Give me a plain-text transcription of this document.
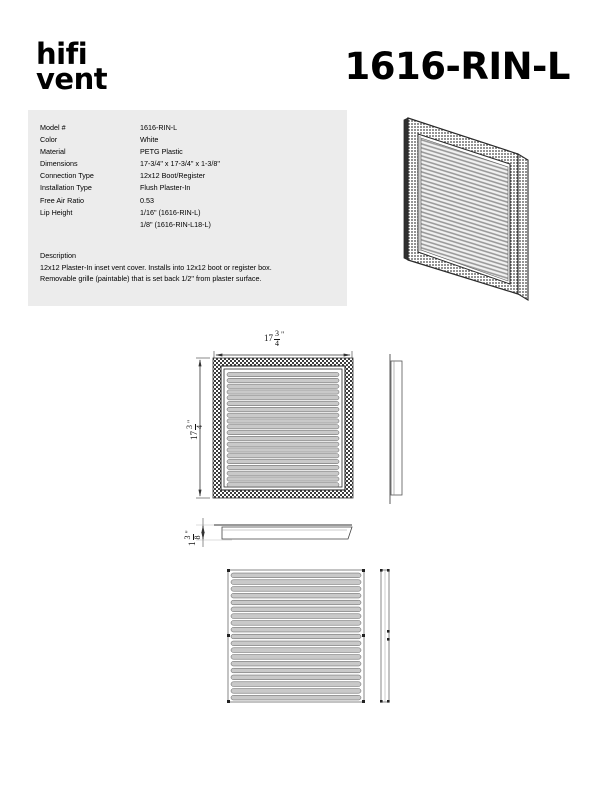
hifi
vent	1616-RIN-L
Model #	1616-RIN-L
Color	White
Material	PETG Plastic
Dimensions	17-3/4" x 17-3/4" x 1-3/8"
Connection Type	12x12 Boot/Register
Installation Type	Flush Plaster-In
Free Air Ratio	0.53
Lip Height	1/16" (1616-RIN-L)
	1/8" (1616-RIN-L18-L)
Description
12x12 Plaster-In inset vent cover. Installs into 12x12 boot or register box.
Removable grille (paintable) that is set back 1/2" from plaster surface.
$17 \frac{3}{4}$ "
17
3 4
"
1
3 8
"
